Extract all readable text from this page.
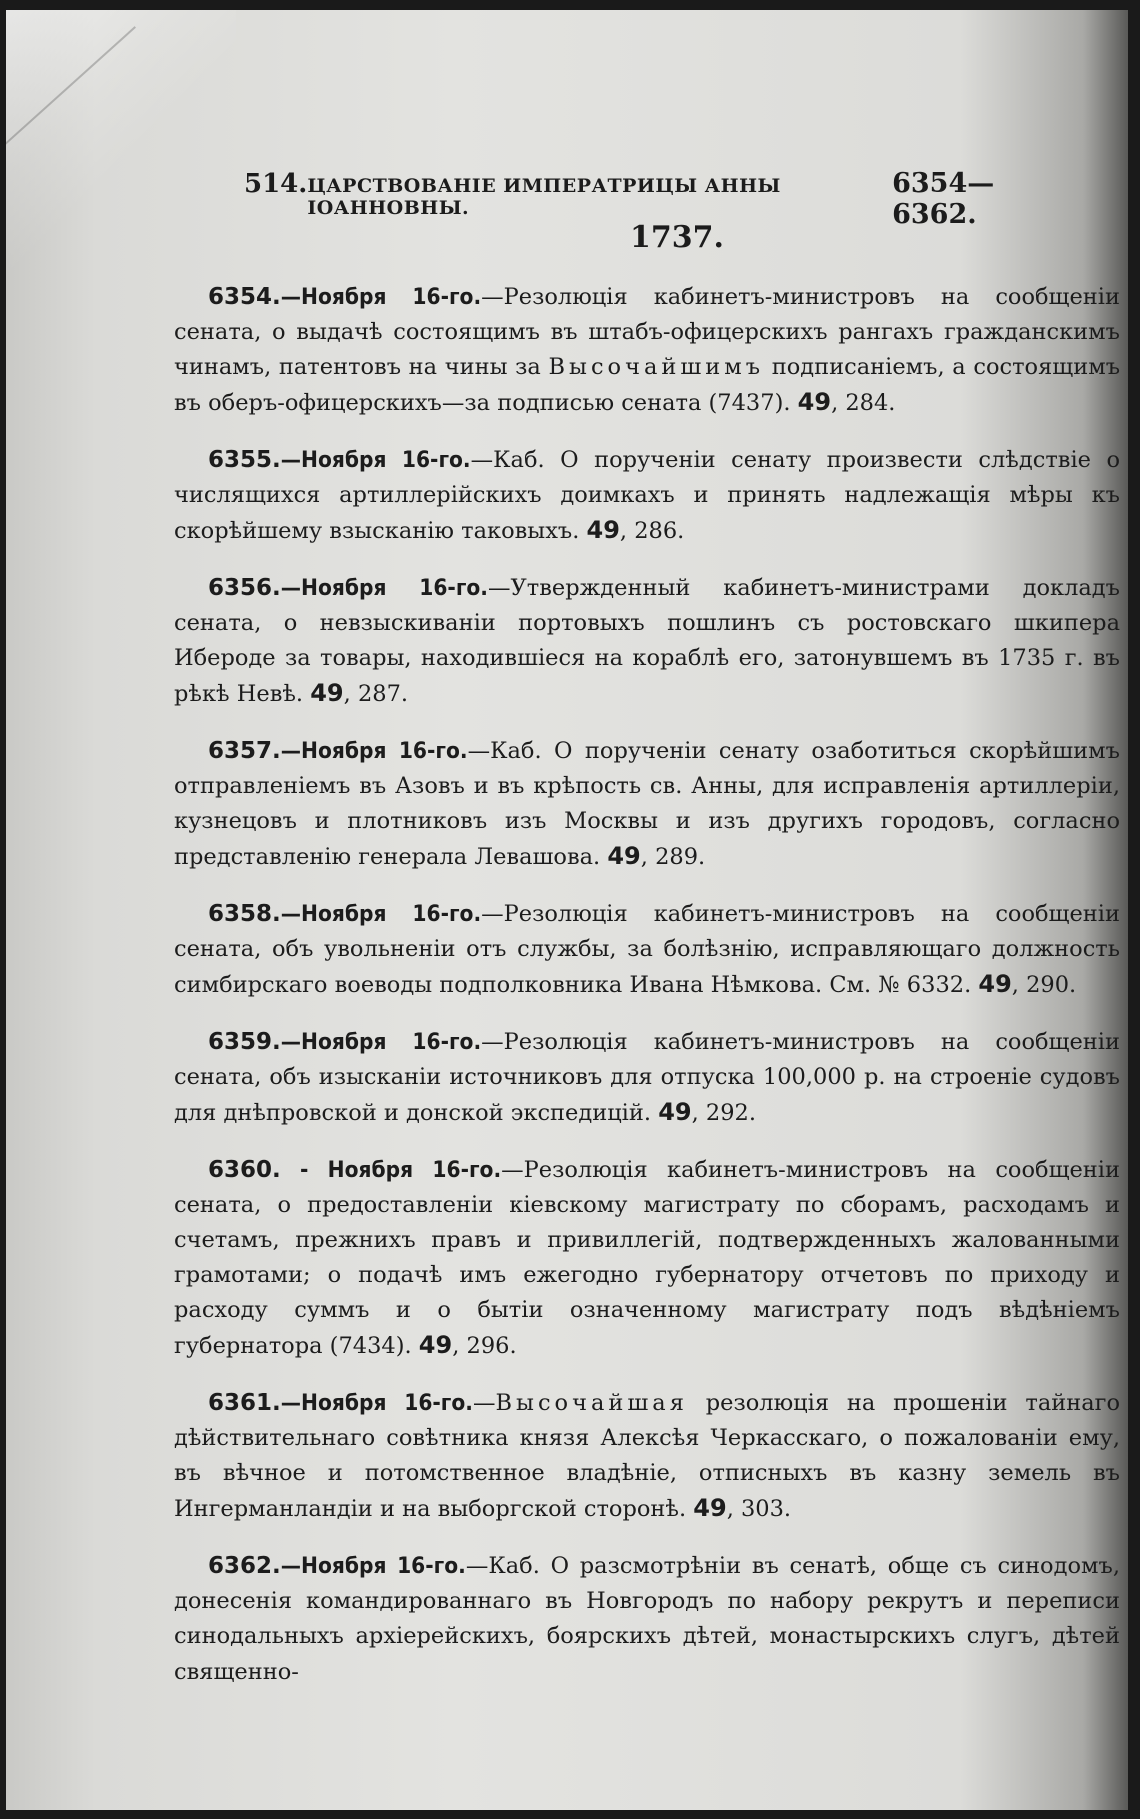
514. ЦАРСТВОВАНІЕ ИМПЕРАТРИЦЫ АННЫ ІОАННОВНЫ.
6354—6362.
1737.

6354.—Ноября 16-го.—Резолюція кабинетъ-министровъ на сообщеніи сената, о выдачѣ состоящимъ въ штабъ-офицерскихъ рангахъ гражданскимъ чинамъ, патентовъ на чины за Высочайшимъ подписаніемъ, а состоящимъ въ оберъ-офицерскихъ—за подписью сената (7437). 49, 284.

6355.—Ноября 16-го.—Каб. О порученіи сенату произвести слѣдствіе о числящихся артиллерійскихъ доимкахъ и принять надлежащія мѣры къ скорѣйшему взысканію таковыхъ. 49, 286.

6356.—Ноября 16-го.—Утвержденный кабинетъ-министрами докладъ сената, о невзыскиваніи портовыхъ пошлинъ съ ростовскаго шкипера Ибероде за товары, находившіеся на кораблѣ его, затонувшемъ въ 1735 г. въ рѣкѣ Невѣ. 49, 287.

6357.—Ноября 16-го.—Каб. О порученіи сенату озаботиться скорѣйшимъ отправленіемъ въ Азовъ и въ крѣпость св. Анны, для исправленія артиллеріи, кузнецовъ и плотниковъ изъ Москвы и изъ другихъ городовъ, согласно представленію генерала Левашова. 49, 289.

6358.—Ноября 16-го.—Резолюція кабинетъ-министровъ на сообщеніи сената, объ увольненіи отъ службы, за болѣзнію, исправляющаго должность симбирскаго воеводы подполковника Ивана Нѣмкова. См. № 6332. 49, 290.

6359.—Ноября 16-го.—Резолюція кабинетъ-министровъ на сообщеніи сената, объ изысканіи источниковъ для отпуска 100,000 р. на строеніе судовъ для днѣпровской и донской экспедицій. 49, 292.

6360. - Ноября 16-го.—Резолюція кабинетъ-министровъ на сообщеніи сената, о предоставленіи кіевскому магистрату по сборамъ, расходамъ и счетамъ, прежнихъ правъ и привиллегій, подтвержденныхъ жалованными грамотами; о подачѣ имъ ежегодно губернатору отчетовъ по приходу и расходу суммъ и о бытіи означенному магистрату подъ вѣдѣніемъ губернатора (7434). 49, 296.

6361.—Ноября 16-го.—Высочайшая резолюція на прошеніи тайнаго дѣйствительнаго совѣтника князя Алексѣя Черкасскаго, о пожалованіи ему, въ вѣчное и потомственное владѣніе, отписныхъ въ казну земель въ Ингерманландіи и на выборгской сторонѣ. 49, 303.

6362.—Ноября 16-го.—Каб. О разсмотрѣніи въ сенатѣ, обще съ синодомъ, донесенія командированнаго въ Новгородъ по набору рекрутъ и переписи синодальныхъ архіерейскихъ, боярскихъ дѣтей, монастырскихъ слугъ, дѣтей священно-
